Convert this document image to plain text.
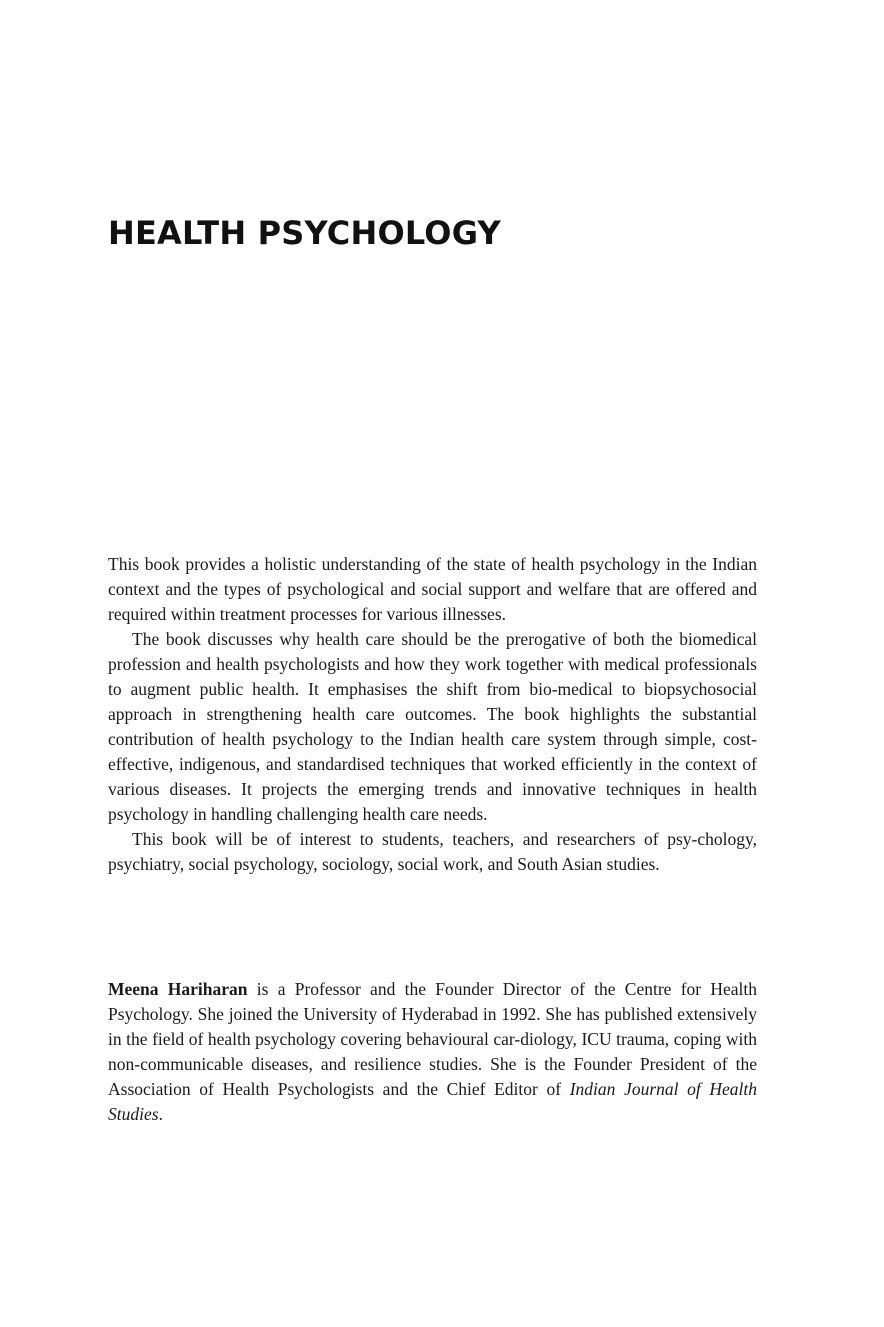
HEALTH PSYCHOLOGY

This book provides a holistic understanding of the state of health psychology in the Indian context and the types of psychological and social support and welfare that are offered and required within treatment processes for various illnesses.

The book discusses why health care should be the prerogative of both the biomedical profession and health psychologists and how they work together with medical professionals to augment public health. It emphasises the shift from bio-medical to biopsychosocial approach in strengthening health care outcomes. The book highlights the substantial contribution of health psychology to the Indian health care system through simple, cost-effective, indigenous, and standardised techniques that worked efficiently in the context of various diseases. It projects the emerging trends and innovative techniques in health psychology in handling challenging health care needs.

This book will be of interest to students, teachers, and researchers of psy-chology, psychiatry, social psychology, sociology, social work, and South Asian studies.

Meena Hariharan is a Professor and the Founder Director of the Centre for Health Psychology. She joined the University of Hyderabad in 1992. She has published extensively in the field of health psychology covering behavioural car-diology, ICU trauma, coping with non-communicable diseases, and resilience studies. She is the Founder President of the Association of Health Psychologists and the Chief Editor of Indian Journal of Health Studies.
